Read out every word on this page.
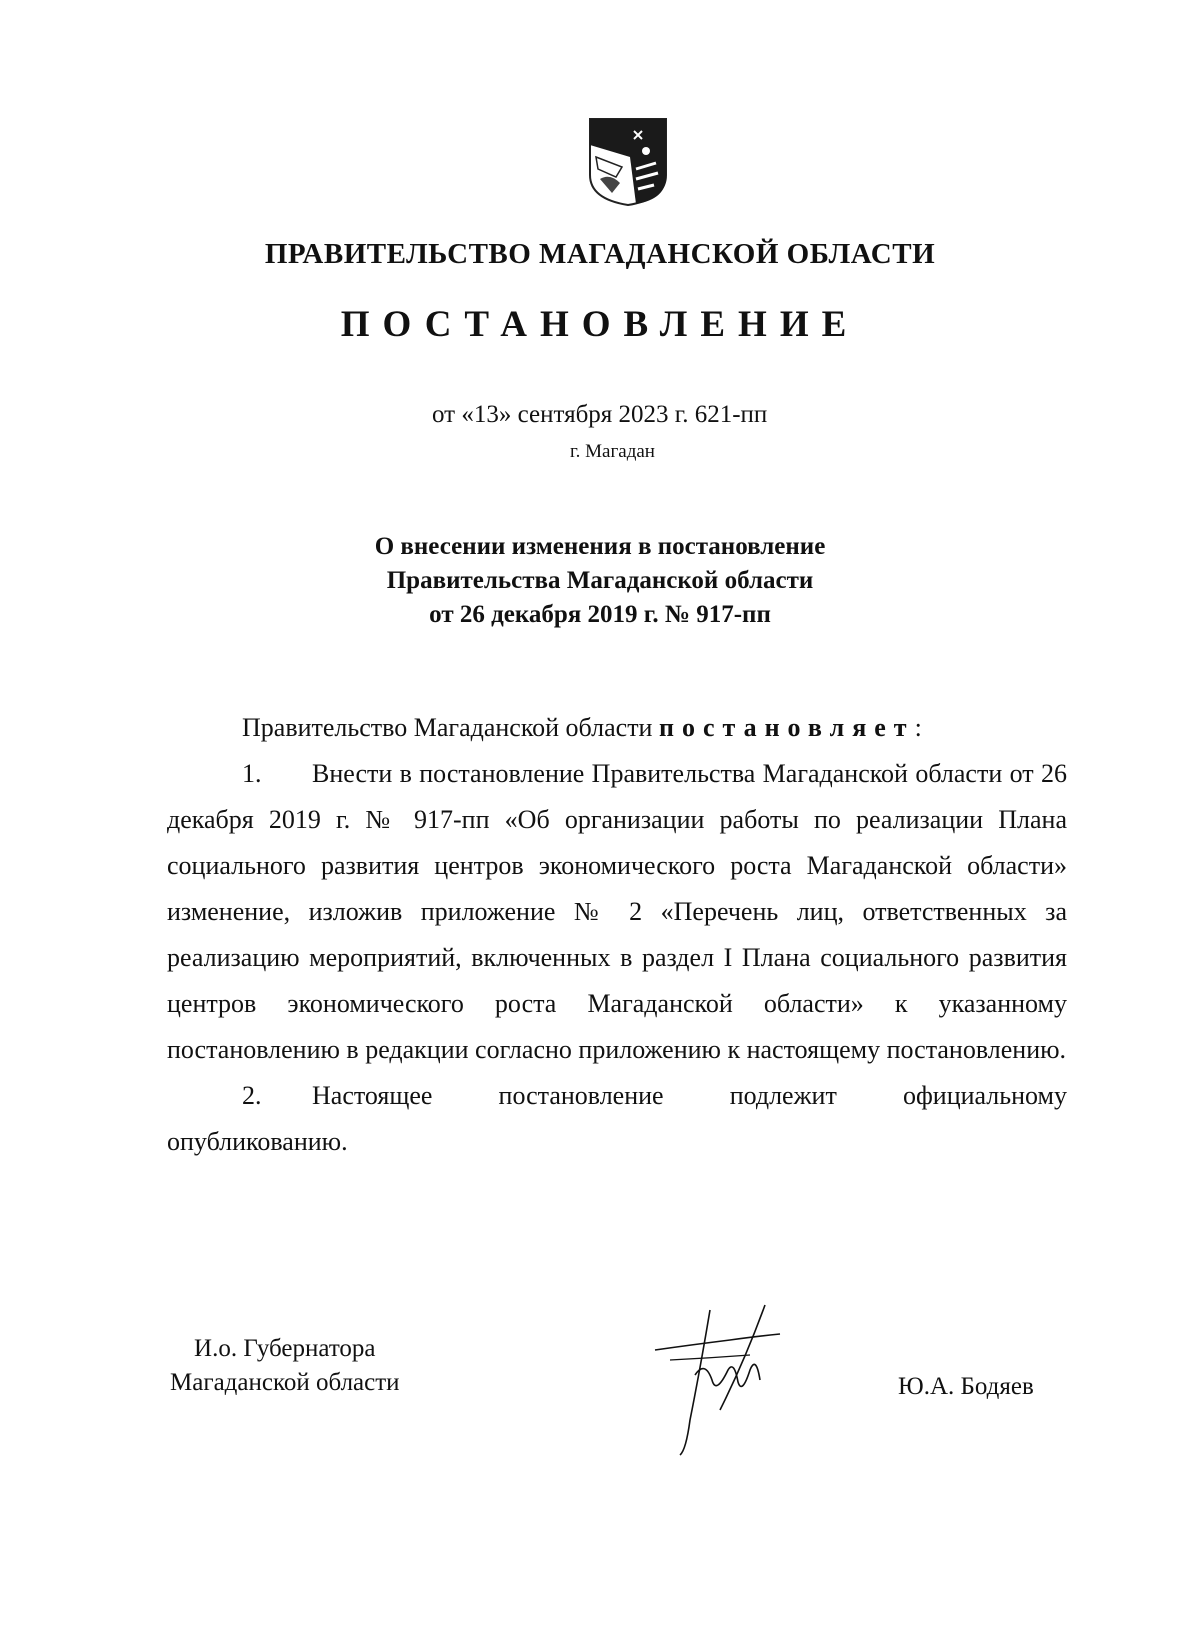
ПРАВИТЕЛЬСТВО МАГАДАНСКОЙ ОБЛАСТИ
ПОСТАНОВЛЕНИЕ
от «13» сентября 2023 г. 621-пп
г. Магадан
О внесении изменения в постановление
Правительства Магаданской области
от 26 декабря 2019 г. № 917-пп

Правительство Магаданской области постановляет:

1. Внести в постановление Правительства Магаданской области от 26 декабря 2019 г. № 917-пп «Об организации работы по реализации Плана социального развития центров экономического роста Магаданской области» изменение, изложив приложение № 2 «Перечень лиц, ответственных за реализацию мероприятий, включенных в раздел I Плана социального развития центров экономического роста Магаданской области» к указанному постановлению в редакции согласно приложению к настоящему постановлению.

2. Настоящее постановление подлежит официальному опубликованию.

И.о. Губернатора
Магаданской области	Ю.А. Бодяев
